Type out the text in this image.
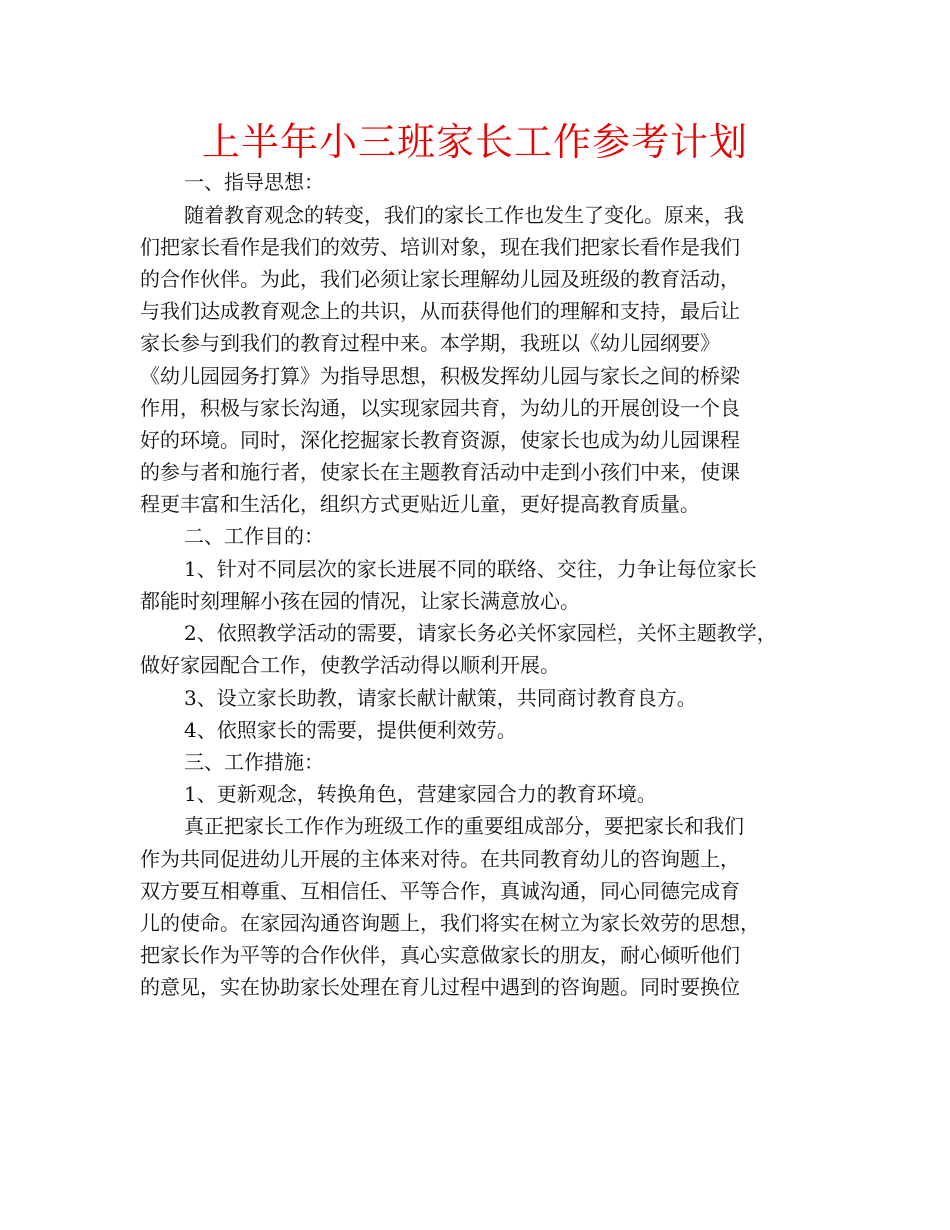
上半年小三班家长工作参考计划

一、指导思想：

随着教育观念的转变，我们的家长工作也发生了变化。原来，我

们把家长看作是我们的效劳、培训对象，现在我们把家长看作是我们

的合作伙伴。为此，我们必须让家长理解幼儿园及班级的教育活动，

与我们达成教育观念上的共识，从而获得他们的理解和支持，最后让

家长参与到我们的教育过程中来。本学期，我班以《幼儿园纲要》

《幼儿园园务打算》为指导思想，积极发挥幼儿园与家长之间的桥梁

作用，积极与家长沟通，以实现家园共育，为幼儿的开展创设一个良

好的环境。同时，深化挖掘家长教育资源，使家长也成为幼儿园课程

的参与者和施行者，使家长在主题教育活动中走到小孩们中来，使课

程更丰富和生活化，组织方式更贴近儿童，更好提高教育质量。

二、工作目的：

1、针对不同层次的家长进展不同的联络、交往，力争让每位家长

都能时刻理解小孩在园的情况，让家长满意放心。

2、依照教学活动的需要，请家长务必关怀家园栏，关怀主题教学，

做好家园配合工作，使教学活动得以顺利开展。

3、设立家长助教，请家长献计献策，共同商讨教育良方。

4、依照家长的需要，提供便利效劳。

三、工作措施：

1、更新观念，转换角色，营建家园合力的教育环境。

真正把家长工作作为班级工作的重要组成部分，要把家长和我们

作为共同促进幼儿开展的主体来对待。在共同教育幼儿的咨询题上，

双方要互相尊重、互相信任、平等合作，真诚沟通，同心同德完成育

儿的使命。在家园沟通咨询题上，我们将实在树立为家长效劳的思想，

把家长作为平等的合作伙伴，真心实意做家长的朋友，耐心倾听他们

的意见，实在协助家长处理在育儿过程中遇到的咨询题。同时要换位
